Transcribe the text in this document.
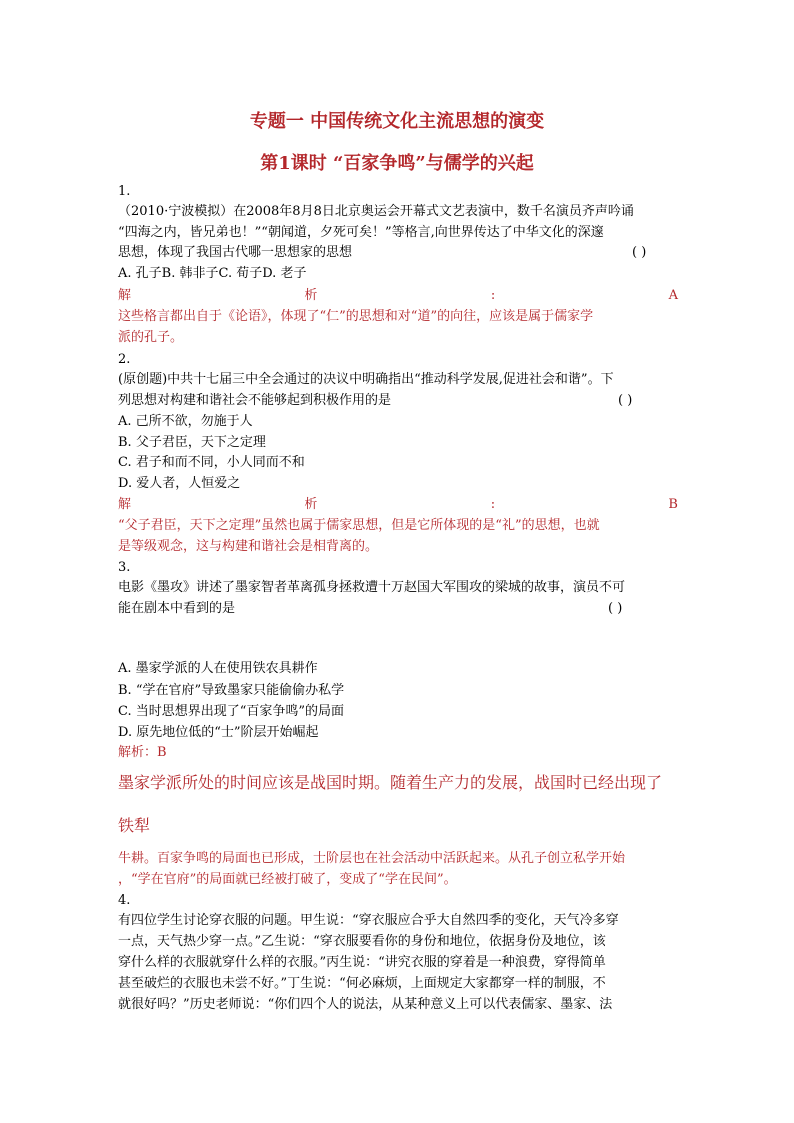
专题一 中国传统文化主流思想的演变
第1课时 “百家争鸣”与儒学的兴起
1.
（2010·宁波模拟）在2008年8月8日北京奥运会开幕式文艺表演中，数千名演员齐声吟诵
“四海之内，皆兄弟也！”“朝闻道，夕死可矣！”等格言,向世界传达了中华文化的深邃
思想，体现了我国古代哪一思想家的思想	( )
A. 孔子B. 韩非子C. 荀子D. 老子
解	析	:	A
这些格言都出自于《论语》，体现了“仁”的思想和对“道”的向往，应该是属于儒家学
派的孔子。
2.
(原创题)中共十七届三中全会通过的决议中明确指出“推动科学发展,促进社会和谐”。下
列思想对构建和谐社会不能够起到积极作用的是	( )
A. 己所不欲，勿施于人
B. 父子君臣，天下之定理
C. 君子和而不同，小人同而不和
D. 爱人者，人恒爱之
解	析	:	B
“父子君臣，天下之定理”虽然也属于儒家思想，但是它所体现的是“礼”的思想，也就
是等级观念，这与构建和谐社会是相背离的。
3.
电影《墨攻》讲述了墨家智者革离孤身拯救遭十万赵国大军围攻的梁城的故事，演员不可
能在剧本中看到的是	( )
A. 墨家学派的人在使用铁农具耕作
B. “学在官府”导致墨家只能偷偷办私学
C. 当时思想界出现了“百家争鸣”的局面
D. 原先地位低的“士”阶层开始崛起
解析：B
墨家学派所处的时间应该是战国时期。随着生产力的发展，战国时已经出现了
铁犁
牛耕。百家争鸣的局面也已形成，士阶层也在社会活动中活跃起来。从孔子创立私学开始
，“学在官府”的局面就已经被打破了，变成了“学在民间”。
4.
有四位学生讨论穿衣服的问题。甲生说：“穿衣服应合乎大自然四季的变化，天气冷多穿
一点，天气热少穿一点。”乙生说：“穿衣服要看你的身份和地位，依据身份及地位，该
穿什么样的衣服就穿什么样的衣服。”丙生说：“讲究衣服的穿着是一种浪费，穿得简单
甚至破烂的衣服也未尝不好。”丁生说：“何必麻烦，上面规定大家都穿一样的制服，不
就很好吗？”历史老师说：“你们四个人的说法，从某种意义上可以代表儒家、墨家、法
